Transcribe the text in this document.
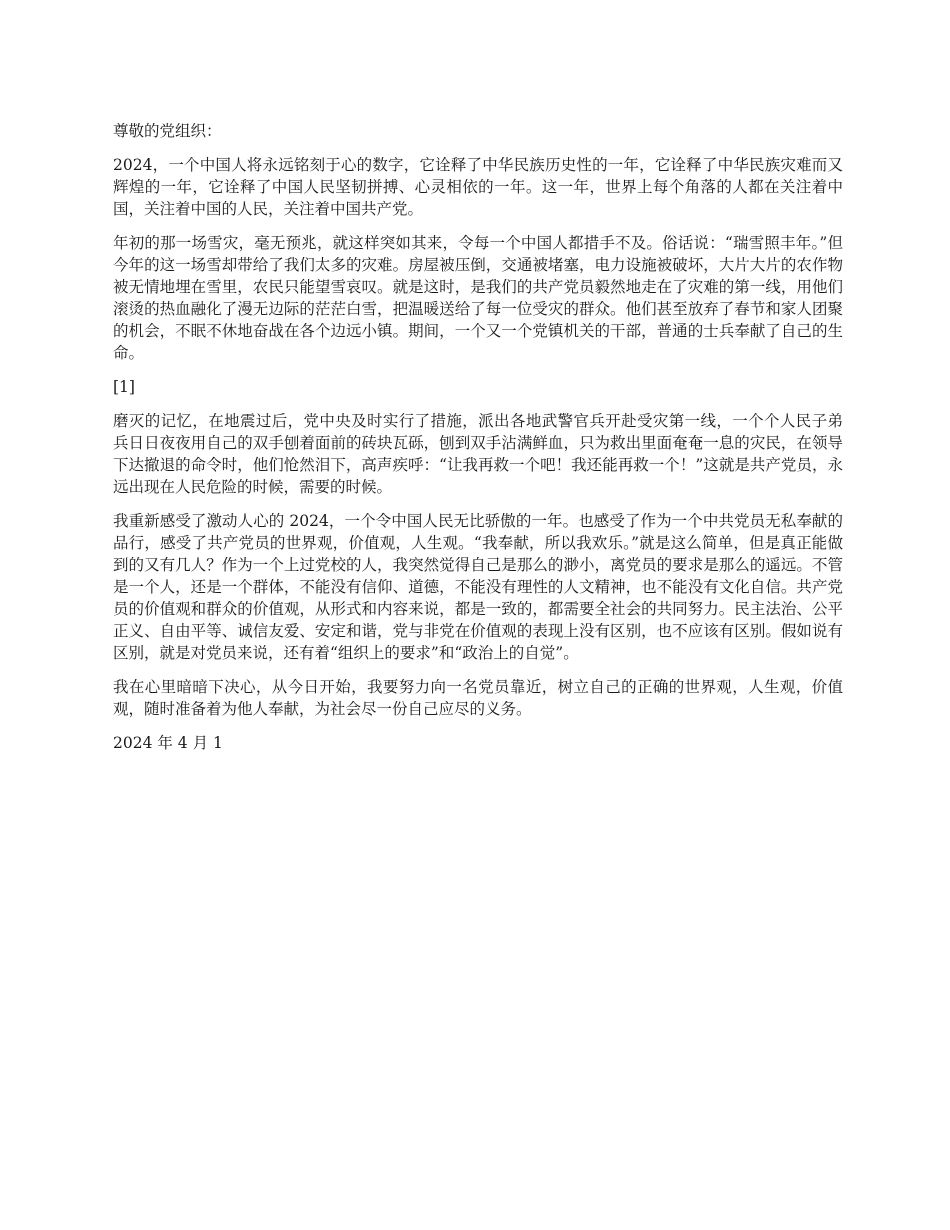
尊敬的党组织：

2024，一个中国人将永远铭刻于心的数字，它诠释了中华民族历史性的一年，它诠释了中华民族灾难而又辉煌的一年，它诠释了中国人民坚韧拼搏、心灵相依的一年。这一年，世界上每个角落的人都在关注着中国，关注着中国的人民，关注着中国共产党。

年初的那一场雪灾，毫无预兆，就这样突如其来，令每一个中国人都措手不及。俗话说：“瑞雪照丰年。”但今年的这一场雪却带给了我们太多的灾难。房屋被压倒，交通被堵塞，电力设施被破坏，大片大片的农作物被无情地埋在雪里，农民只能望雪哀叹。就是这时，是我们的共产党员毅然地走在了灾难的第一线，用他们滚烫的热血融化了漫无边际的茫茫白雪，把温暖送给了每一位受灾的群众。他们甚至放弃了春节和家人团聚的机会，不眠不休地奋战在各个边远小镇。期间，一个又一个党镇机关的干部，普通的士兵奉献了自己的生命。

[1]

磨灭的记忆，在地震过后，党中央及时实行了措施，派出各地武警官兵开赴受灾第一线，一个个人民子弟 兵日日夜夜用自己的双手刨着面前的砖块瓦砾，刨到双手沾满鲜血，只为救出里面奄奄一息的灾民，在领导下达撤退的命令时，他们怆然泪下，高声疾呼：“让我再救一个吧！我还能再救一个！”这就是共产党员，永远出现在人民危险的时候，需要的时候。

我重新感受了激动人心的 2024，一个令中国人民无比骄傲的一年。也感受了作为一个中共党员无私奉献的品行，感受了共产党员的世界观，价值观，人生观。“我奉献，所以我欢乐。”就是这么简单，但是真正能做到的又有几人？作为一个上过党校的人，我突然觉得自己是那么的渺小，离党员的要求是那么的遥远。不管是一个人，还是一个群体，不能没有信仰、道德，不能没有理性的人文精神，也不能没有文化自信。共产党员的价值观和群众的价值观，从形式和内容来说，都是一致的，都需要全社会的共同努力。民主法治、公平正义、自由平等、诚信友爱、安定和谐，党与非党在价值观的表现上没有区别，也不应该有区别。假如说有区别，就是对党员来说，还有着“组织上的要求”和“政治上的自觉”。

我在心里暗暗下决心，从今日开始，我要努力向一名党员靠近，树立自己的正确的世界观，人生观，价值观，随时准备着为他人奉献，为社会尽一份自己应尽的义务。

2024 年 4 月 1
